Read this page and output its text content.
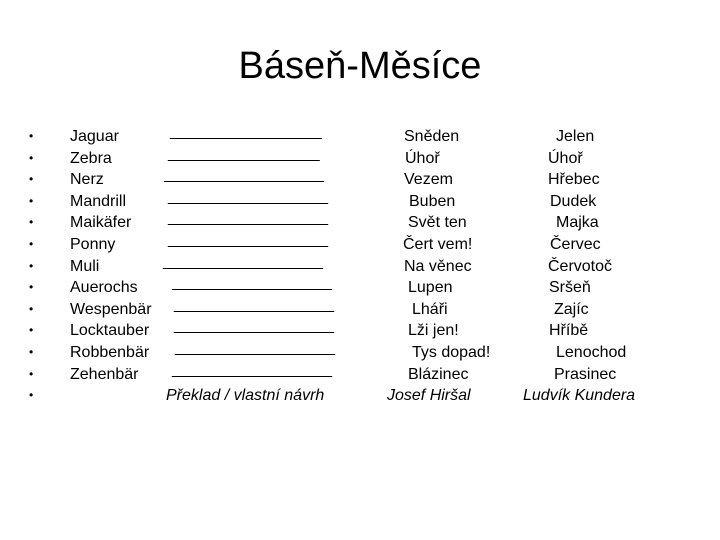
Báseň-Měsíce
• Jaguar	__________________	Sněden	Jelen
• Zebra	__________________	Úhoř	Úhoř
• Nerz	___________________	Vezem	Hřebec
• Mandrill	___________________	Buben	Dudek
• Maikäfer ___________________	Svět ten	Majka
• Ponny	___________________	Čert vem!	Červec
• Muli	___________________	Na věnec	Červotoč
• Auerochs ___________________	Lupen	Sršeň
• Wespenbär ___________________	Lháři	Zajíc
• Locktauber ___________________	Lži jen!	Hříbě
• Robbenbär ___________________	Tys dopad!	Lenochod
• Zehenbär ___________________	Blázinec	Prasinec
•	Překlad / vlastní návrh	Josef Hiršal	Ludvík Kundera
